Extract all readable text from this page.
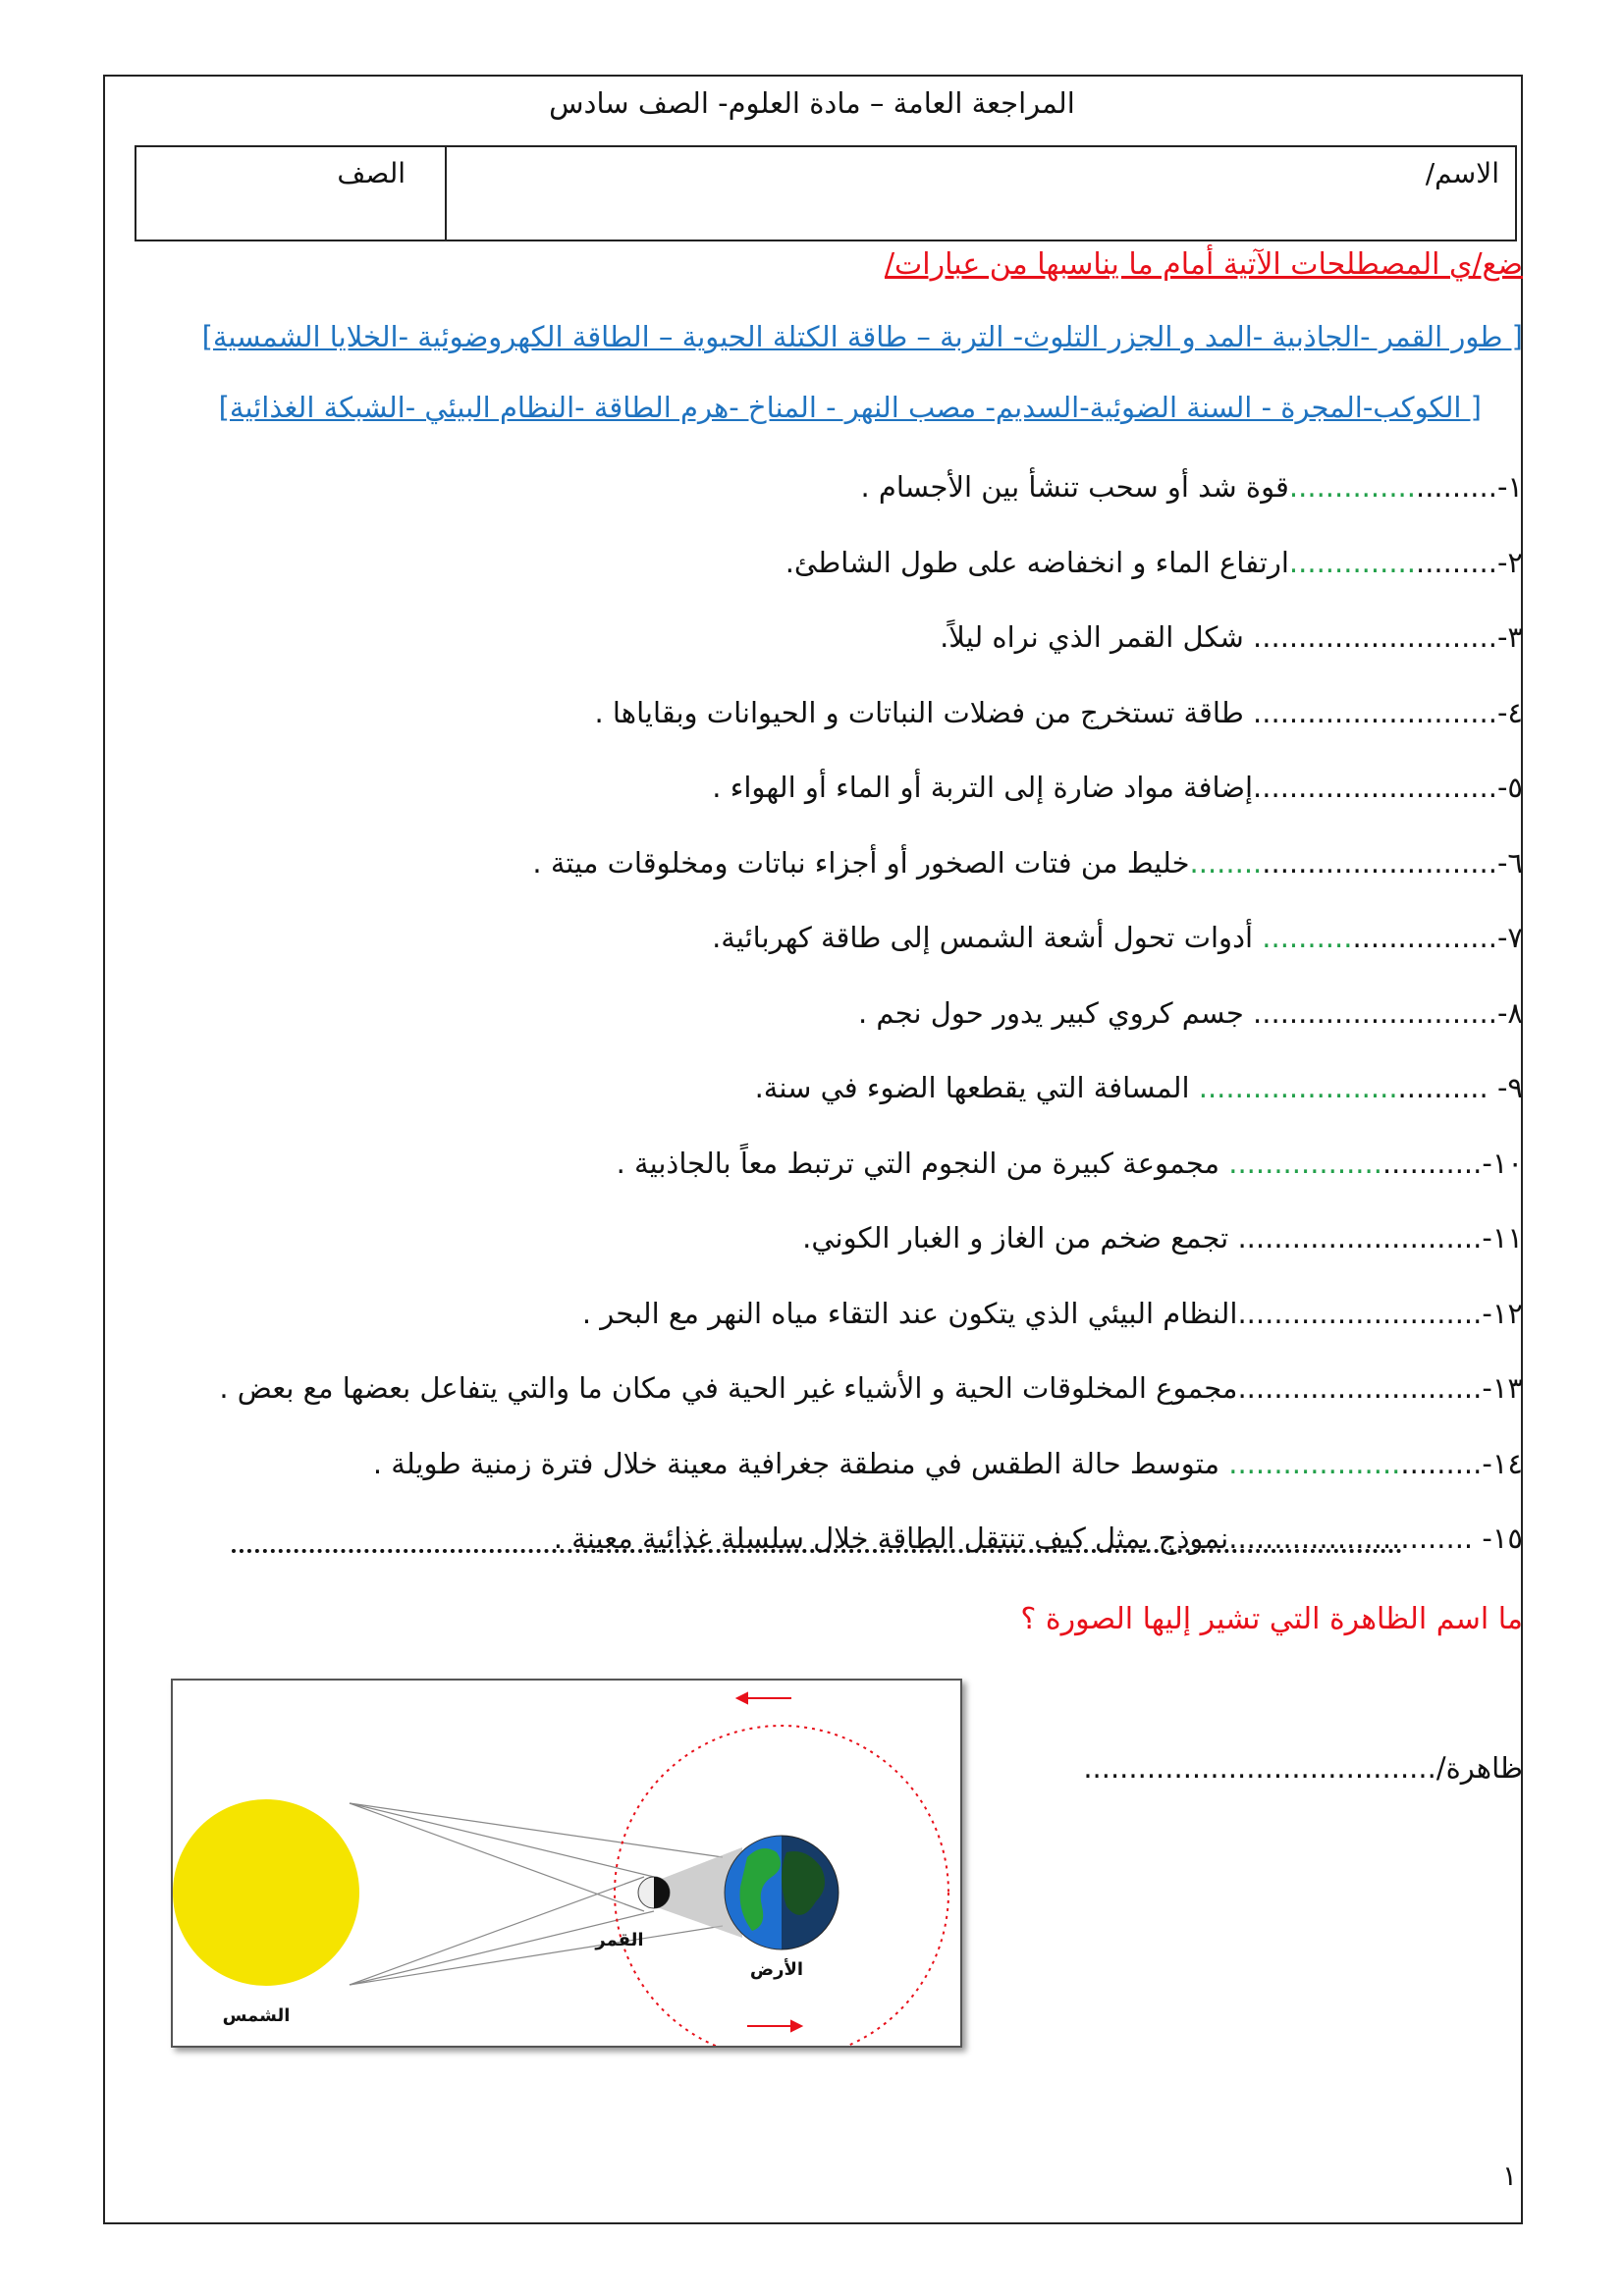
المراجعة العامة – مادة العلوم- الصف سادس
الاسم/
الصف
ضع/ي المصطلحات الآتية أمام ما يناسبها من عبارات/
[ طور القمر -الجاذبية -المد و الجزر التلوث- التربة – طاقة الكتلة الحيوية – الطاقة الكهروضوئية -الخلايا الشمسية]
[ الكوكب-المجرة - السنة الضوئية-السديم- مصب النهر - المناخ -هرم الطاقة -النظام البيئي -الشبكة الغذائية]
١-.......................قوة شد أو سحب تنشأ بين الأجسام .
٢-.......................ارتفاع الماء و انخفاضه على طول الشاطئ.
٣-........................... شكل القمر الذي نراه ليلاً.
٤-........................... طاقة تستخرج من فضلات النباتات و الحيوانات وبقاياها .
٥-...........................إضافة مواد ضارة إلى التربة أو الماء أو الهواء .
٦-..................................خليط من فتات الصخور أو أجزاء نباتات ومخلوقات ميتة .
٧-.......................... أدوات تحول أشعة الشمس إلى طاقة كهربائية.
٨-........................... جسم كروي كبير يدور حول نجم .
٩- ................................ المسافة التي يقطعها الضوء في سنة.
١٠-............................ مجموعة كبيرة من النجوم التي ترتبط معاً بالجاذبية .
١١-........................... تجمع ضخم من الغاز و الغبار الكوني.
١٢-...........................النظام البيئي الذي يتكون عند التقاء مياه النهر مع البحر .
١٣-...........................مجموع المخلوقات الحية و الأشياء غير الحية في مكان ما والتي يتفاعل بعضها مع بعض .
١٤-............................ متوسط حالة الطقس في منطقة جغرافية معينة خلال فترة زمنية طويلة .
١٥- ...........................نموذج يمثل كيف تنتقل الطاقة خلال سلسلة غذائية معينة .
ما اسم الظاهرة التي تشير إليها الصورة ؟
ظاهرة/.......................................
الشمس
القمر
الأرض
١
